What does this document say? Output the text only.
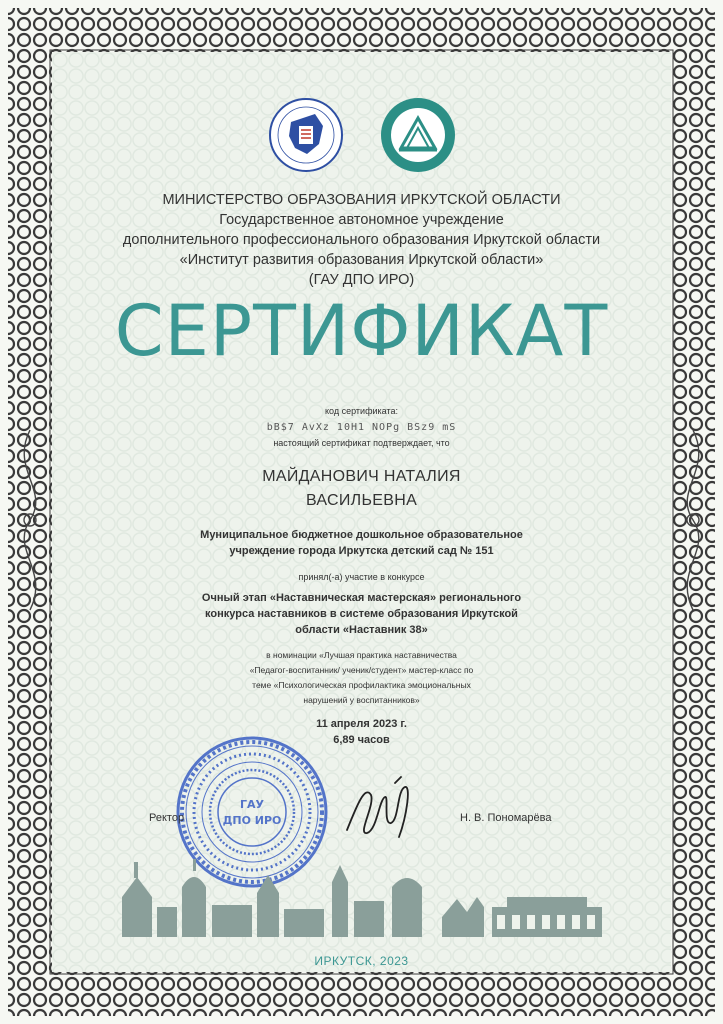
МИНИСТЕРСТВО ОБРАЗОВАНИЯ ИРКУТСКОЙ ОБЛАСТИ
Государственное автономное учреждение
дополнительного профессионального образования Иркутской области
«Институт развития образования Иркутской области»
(ГАУ ДПО ИРО)
СЕРТИФИКАТ
код сертификата:
bB$7 AvXz 10H1 NOPg BSz9 mS
настоящий сертификат подтверждает, что
МАЙДАНОВИЧ НАТАЛИЯ
ВАСИЛЬЕВНА
Муниципальное бюджетное дошкольное образовательное
учреждение города Иркутска детский сад № 151
принял(-а) участие в конкурсе
Очный этап «Наставническая мастерская» регионального
конкурса наставников в системе образования Иркутской
области «Наставник 38»
в номинации «Лучшая практика наставничества
«Педагог-воспитанник/ ученик/студент» мастер-класс по
теме «Психологическая профилактика эмоциональных
нарушений у воспитанников»
11 апреля 2023 г.
6,89 часов
ГАУ
ДПО ИРО
Ректор	Н. В. Пономарёва
ИРКУТСК, 2023
